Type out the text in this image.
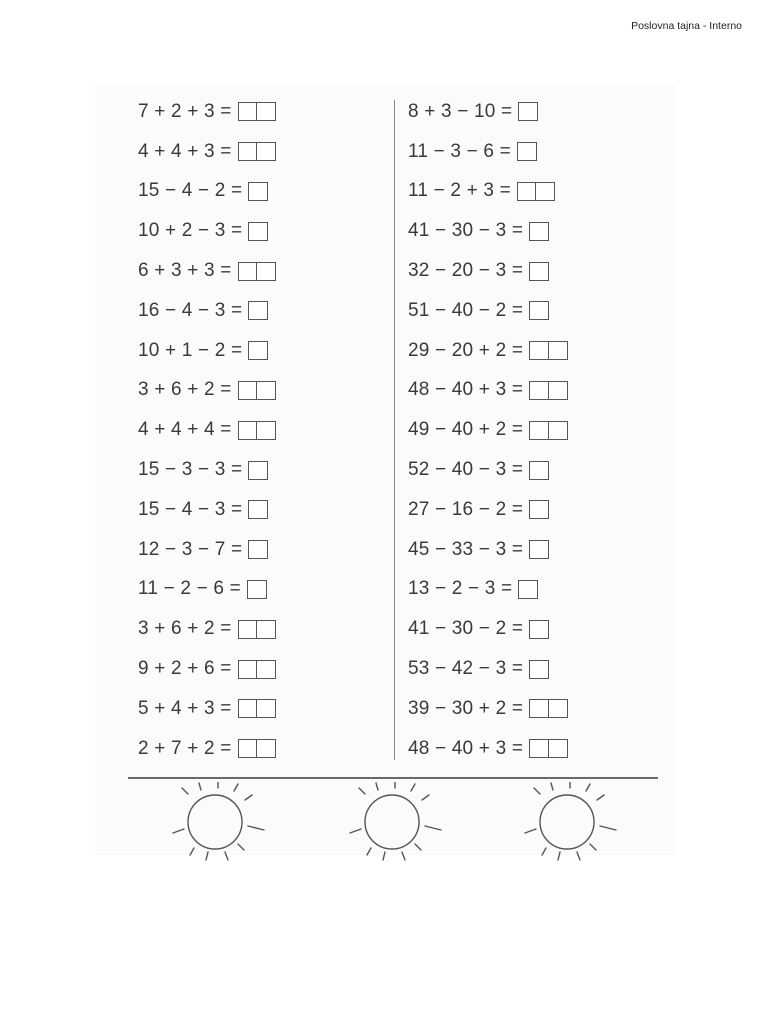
Poslovna tajna - Interno
7 + 2 + 3 =
4 + 4 + 3 =
15 − 4 − 2 =
10 + 2 − 3 =
6 + 3 + 3 =
16 − 4 − 3 =
10 + 1 − 2 =
3 + 6 + 2 =
4 + 4 + 4 =
15 − 3 − 3 =
15 − 4 − 3 =
12 − 3 − 7 =
11 − 2 − 6 =
3 + 6 + 2 =
9 + 2 + 6 =
5 + 4 + 3 =
2 + 7 + 2 =
8 + 3 − 10 =
11 − 3 − 6 =
11 − 2 + 3 =
41 − 30 − 3 =
32 − 20 − 3 =
51 − 40 − 2 =
29 − 20 + 2 =
48 − 40 + 3 =
49 − 40 + 2 =
52 − 40 − 3 =
27 − 16 − 2 =
45 − 33 − 3 =
13 − 2 − 3 =
41 − 30 − 2 =
53 − 42 − 3 =
39 − 30 + 2 =
48 − 40 + 3 =
